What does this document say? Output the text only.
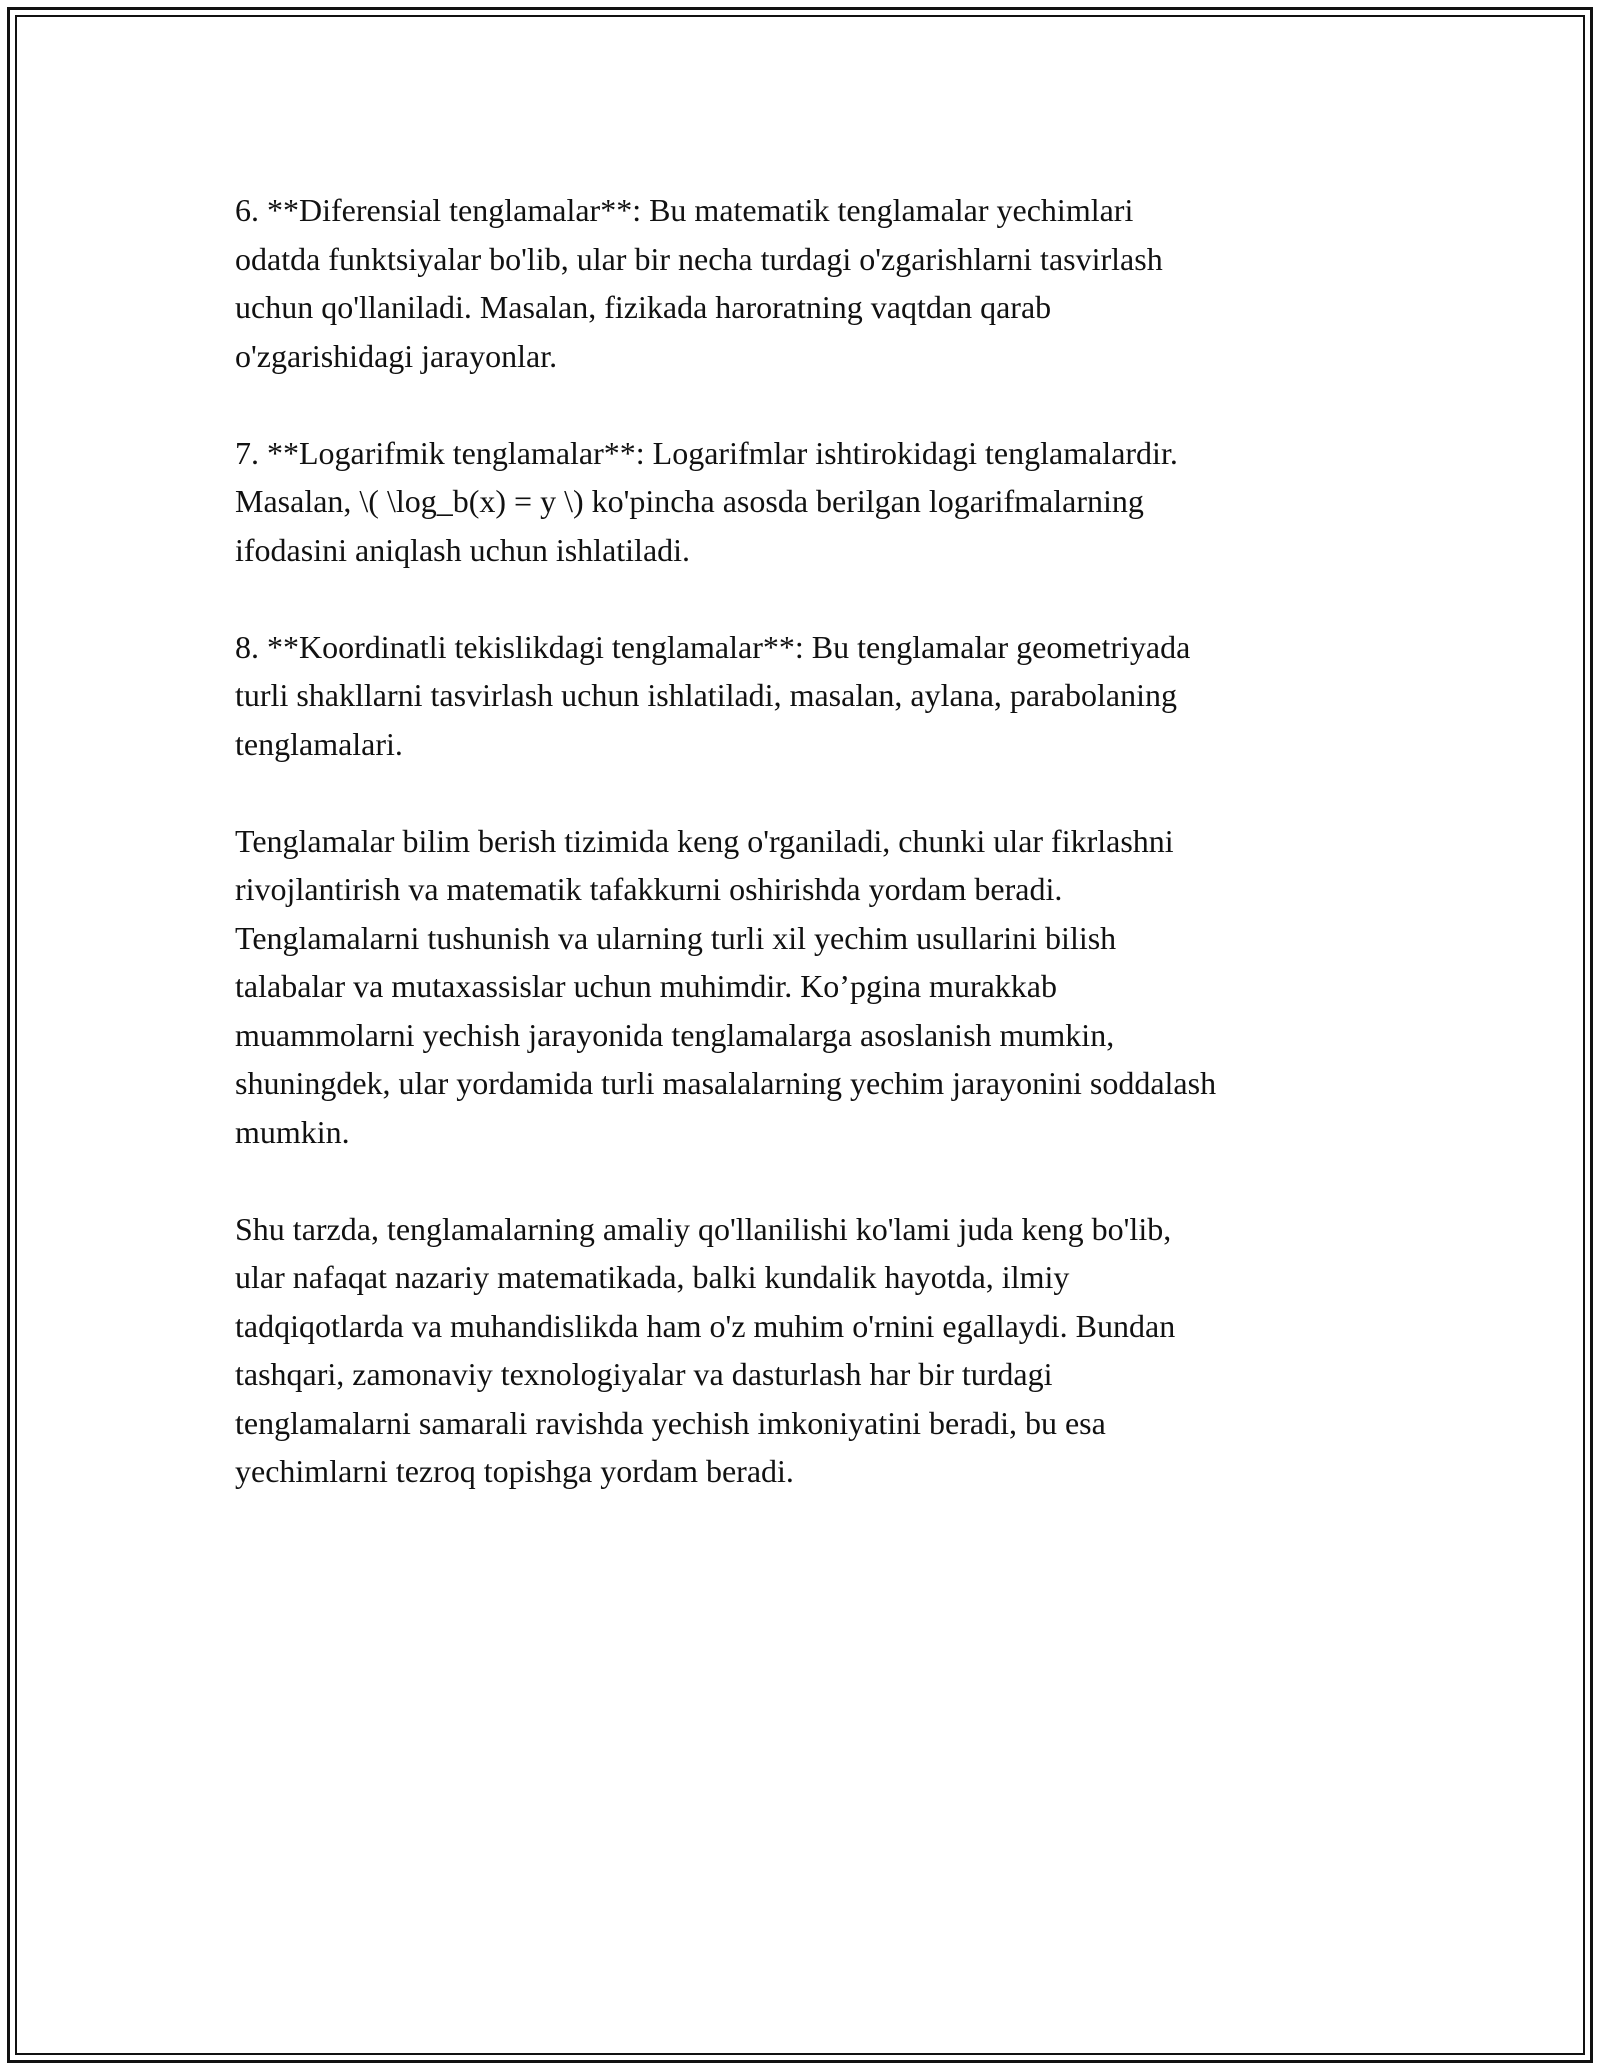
6. **Diferensial tenglamalar**: Bu matematik tenglamalar yechimlari
odatda funktsiyalar bo'lib, ular bir necha turdagi o'zgarishlarni tasvirlash
uchun qo'llaniladi. Masalan, fizikada haroratning vaqtdan qarab
o'zgarishidagi jarayonlar.

7. **Logarifmik tenglamalar**: Logarifmlar ishtirokidagi tenglamalardir.
Masalan, \( \log_b(x) = y \) ko'pincha asosda berilgan logarifmalarning
ifodasini aniqlash uchun ishlatiladi.

8. **Koordinatli tekislikdagi tenglamalar**: Bu tenglamalar geometriyada
turli shakllarni tasvirlash uchun ishlatiladi, masalan, aylana, parabolaning
tenglamalari.

Tenglamalar bilim berish tizimida keng o'rganiladi, chunki ular fikrlashni
rivojlantirish va matematik tafakkurni oshirishda yordam beradi.
Tenglamalarni tushunish va ularning turli xil yechim usullarini bilish
talabalar va mutaxassislar uchun muhimdir. Ko’pgina murakkab
muammolarni yechish jarayonida tenglamalarga asoslanish mumkin,
shuningdek, ular yordamida turli masalalarning yechim jarayonini soddalash
mumkin.

Shu tarzda, tenglamalarning amaliy qo'llanilishi ko'lami juda keng bo'lib,
ular nafaqat nazariy matematikada, balki kundalik hayotda, ilmiy
tadqiqotlarda va muhandislikda ham o'z muhim o'rnini egallaydi. Bundan
tashqari, zamonaviy texnologiyalar va dasturlash har bir turdagi
tenglamalarni samarali ravishda yechish imkoniyatini beradi, bu esa
yechimlarni tezroq topishga yordam beradi.
